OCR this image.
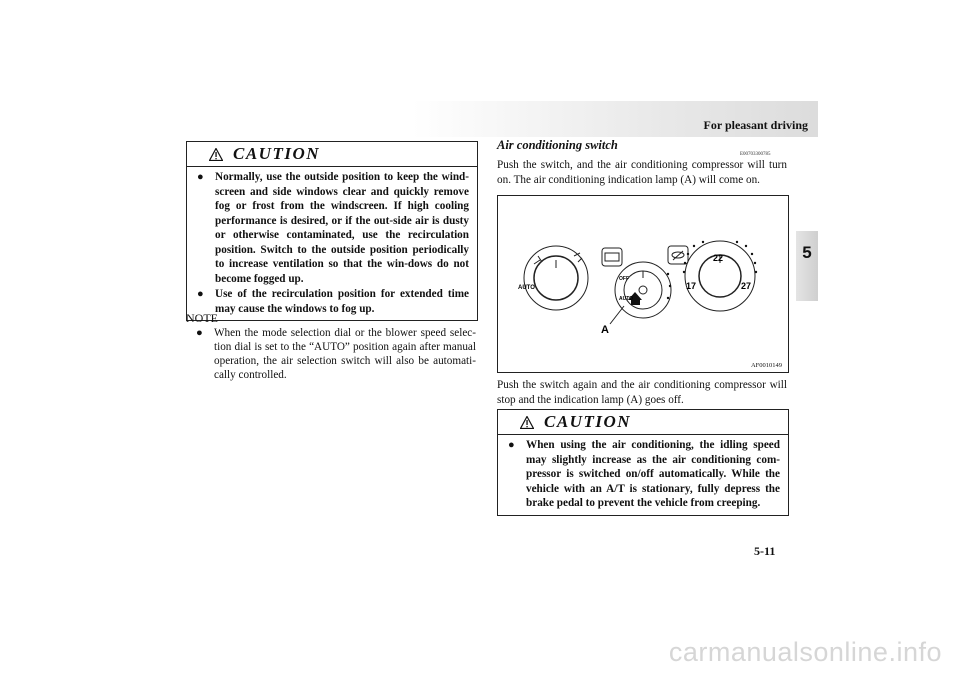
For pleasant driving
5
CAUTION
● Normally, use the outside position to keep the wind-screen and side windows clear and quickly remove fog or frost from the windscreen. If high cooling performance is desired, or if the out-side air is dusty or otherwise contaminated, use the recirculation position. Switch to the outside position periodically to increase ventilation so that the win-dows do not become fogged up.
● Use of the recirculation position for extended time may cause the windows to fog up.
NOTE
● When the mode selection dial or the blower speed selec-tion dial is set to the “AUTO” position again after manual operation, the air selection switch will also be automati-cally controlled.
Air conditioning switch
E00703300785
Push the switch, and the air conditioning compressor will turn on. The air conditioning indication lamp (A) will come on.
AUTO
OFF
AUTO
17
22
27
A
AF0010149
Push the switch again and the air conditioning compressor will stop and the indication lamp (A) goes off.
CAUTION
● When using the air conditioning, the idling speed may slightly increase as the air conditioning com-pressor is switched on/off automatically. While the vehicle with an A/T is stationary, fully depress the brake pedal to prevent the vehicle from creeping.
5-11
carmanualsonline.info
